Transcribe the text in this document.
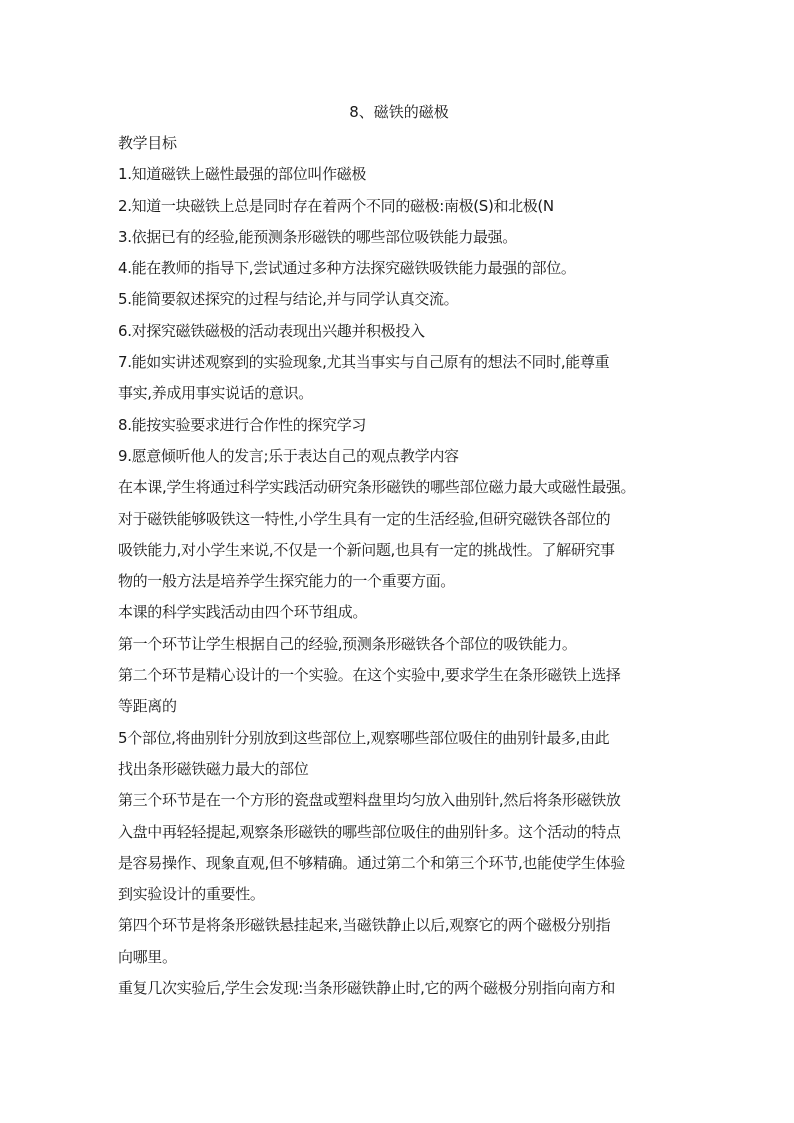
8、磁铁的磁极

教学目标

1.知道磁铁上磁性最强的部位叫作磁极

2.知道一块磁铁上总是同时存在着两个不同的磁极:南极(S)和北极(N

3.依据已有的经验,能预测条形磁铁的哪些部位吸铁能力最强。

4.能在教师的指导下,尝试通过多种方法探究磁铁吸铁能力最强的部位。

5.能简要叙述探究的过程与结论,并与同学认真交流。

6.对探究磁铁磁极的活动表现出兴趣并积极投入

7.能如实讲述观察到的实验现象,尤其当事实与自己原有的想法不同时,能尊重

事实,养成用事实说话的意识。

8.能按实验要求进行合作性的探究学习

9.愿意倾听他人的发言;乐于表达自己的观点教学内容

在本课,学生将通过科学实践活动研究条形磁铁的哪些部位磁力最大或磁性最强。

对于磁铁能够吸铁这一特性,小学生具有一定的生活经验,但研究磁铁各部位的

吸铁能力,对小学生来说,不仅是一个新问题,也具有一定的挑战性。了解研究事

物的一般方法是培养学生探究能力的一个重要方面。

本课的科学实践活动由四个环节组成。

第一个环节让学生根据自己的经验,预测条形磁铁各个部位的吸铁能力。

第二个环节是精心设计的一个实验。在这个实验中,要求学生在条形磁铁上选择

等距离的

5个部位,将曲别针分别放到这些部位上,观察哪些部位吸住的曲别针最多,由此

找出条形磁铁磁力最大的部位

第三个环节是在一个方形的瓷盘或塑料盘里均匀放入曲别针,然后将条形磁铁放

入盘中再轻轻提起,观察条形磁铁的哪些部位吸住的曲别针多。这个活动的特点

是容易操作、现象直观,但不够精确。通过第二个和第三个环节,也能使学生体验

到实验设计的重要性。

第四个环节是将条形磁铁悬挂起来,当磁铁静止以后,观察它的两个磁极分别指

向哪里。

重复几次实验后,学生会发现:当条形磁铁静止时,它的两个磁极分别指向南方和
